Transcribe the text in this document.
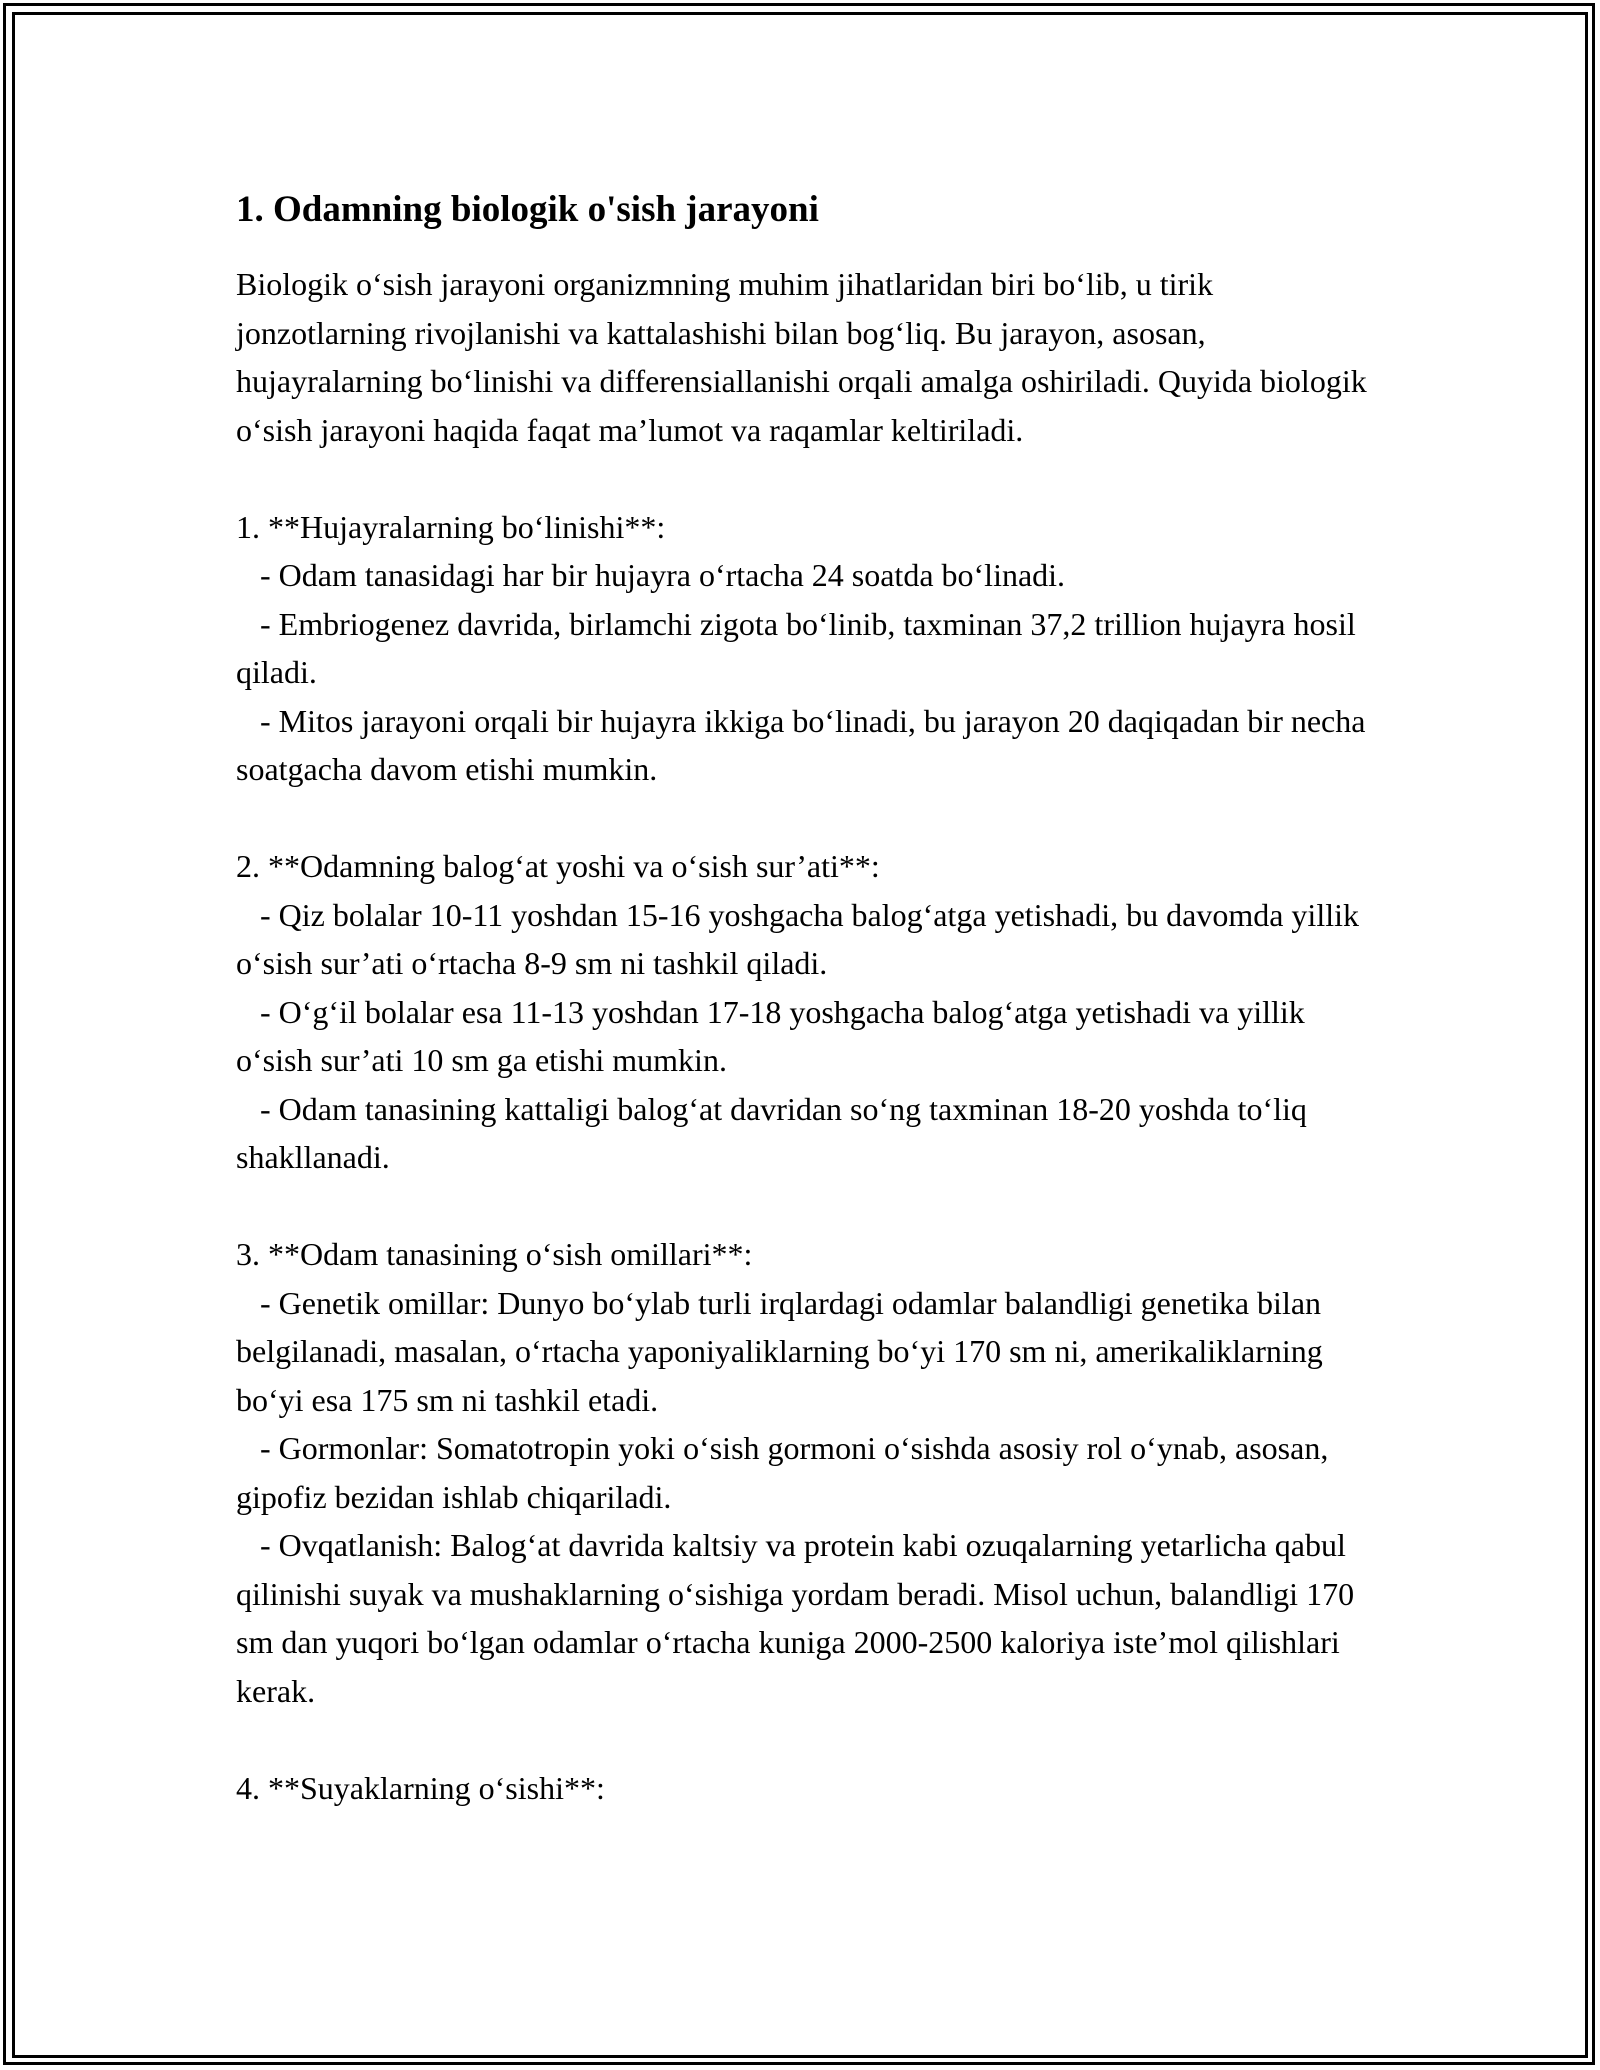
1. Odamning biologik o'sish jarayoni

Biologik o‘sish jarayoni organizmning muhim jihatlaridan biri bo‘lib, u tirik jonzotlarning rivojlanishi va kattalashishi bilan bog‘liq. Bu jarayon, asosan, hujayralarning bo‘linishi va differensiallanishi orqali amalga oshiriladi. Quyida biologik o‘sish jarayoni haqida faqat ma’lumot va raqamlar keltiriladi.

1. **Hujayralarning bo‘linishi**:

- Odam tanasidagi har bir hujayra o‘rtacha 24 soatda bo‘linadi.

- Embriogenez davrida, birlamchi zigota bo‘linib, taxminan 37,2 trillion hujayra hosil qiladi.

- Mitos jarayoni orqali bir hujayra ikkiga bo‘linadi, bu jarayon 20 daqiqadan bir necha soatgacha davom etishi mumkin.

2. **Odamning balog‘at yoshi va o‘sish sur’ati**:

- Qiz bolalar 10-11 yoshdan 15-16 yoshgacha balog‘atga yetishadi, bu davomda yillik o‘sish sur’ati o‘rtacha 8-9 sm ni tashkil qiladi.

- O‘g‘il bolalar esa 11-13 yoshdan 17-18 yoshgacha balog‘atga yetishadi va yillik o‘sish sur’ati 10 sm ga etishi mumkin.

- Odam tanasining kattaligi balog‘at davridan so‘ng taxminan 18-20 yoshda to‘liq shakllanadi.

3. **Odam tanasining o‘sish omillari**:

- Genetik omillar: Dunyo bo‘ylab turli irqlardagi odamlar balandligi genetika bilan belgilanadi, masalan, o‘rtacha yaponiyaliklarning bo‘yi 170 sm ni, amerikaliklarning bo‘yi esa 175 sm ni tashkil etadi.

- Gormonlar: Somatotropin yoki o‘sish gormoni o‘sishda asosiy rol o‘ynab, asosan, gipofiz bezidan ishlab chiqariladi.

- Ovqatlanish: Balog‘at davrida kaltsiy va protein kabi ozuqalarning yetarlicha qabul qilinishi suyak va mushaklarning o‘sishiga yordam beradi. Misol uchun, balandligi 170 sm dan yuqori bo‘lgan odamlar o‘rtacha kuniga 2000-2500 kaloriya iste’mol qilishlari kerak.

4. **Suyaklarning o‘sishi**:
